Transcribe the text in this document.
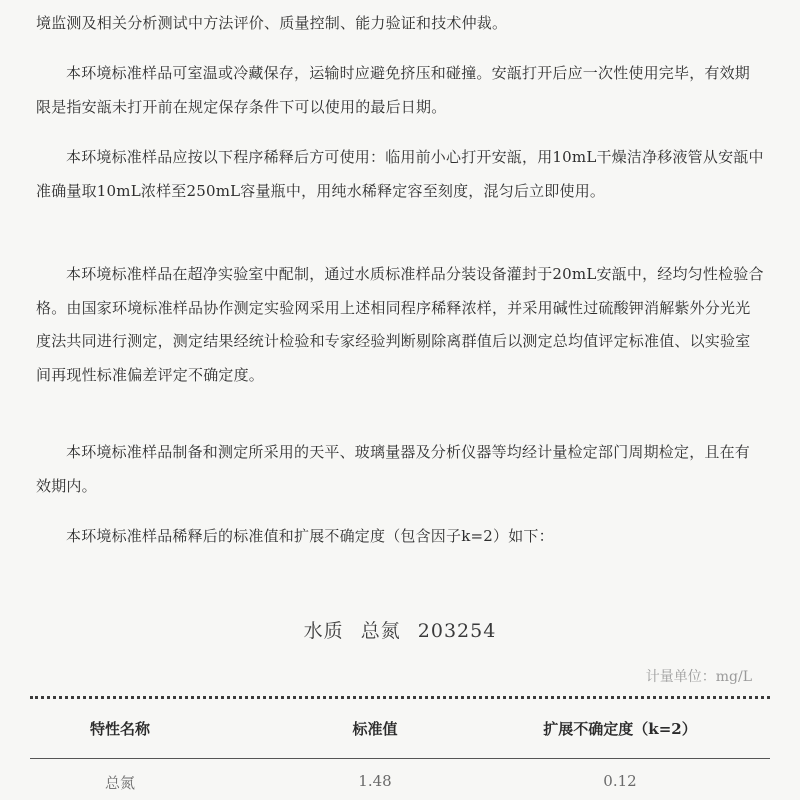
境监测及相关分析测试中方法评价、质量控制、能力验证和技术仲裁。

本环境标准样品可室温或冷藏保存，运输时应避免挤压和碰撞。安瓿打开后应一次性使用完毕，有效期限是指安瓿未打开前在规定保存条件下可以使用的最后日期。

本环境标准样品应按以下程序稀释后方可使用：临用前小心打开安瓿，用10mL干燥洁净移液管从安瓿中准确量取10mL浓样至250mL容量瓶中，用纯水稀释定容至刻度，混匀后立即使用。

本环境标准样品在超净实验室中配制，通过水质标准样品分装设备灌封于20mL安瓿中，经均匀性检验合格。由国家环境标准样品协作测定实验网采用上述相同程序稀释浓样，并采用碱性过硫酸钾消解紫外分光光度法共同进行测定，测定结果经统计检验和专家经验判断剔除离群值后以测定总均值评定标准值、以实验室间再现性标准偏差评定不确定度。

本环境标准样品制备和测定所采用的天平、玻璃量器及分析仪器等均经计量检定部门周期检定，且在有效期内。

本环境标准样品稀释后的标准值和扩展不确定度（包含因子k=2）如下：

水质 总氮 203254
计量单位：mg/L
特性名称	标准值	扩展不确定度（k=2）
总氮	1.48	0.12
